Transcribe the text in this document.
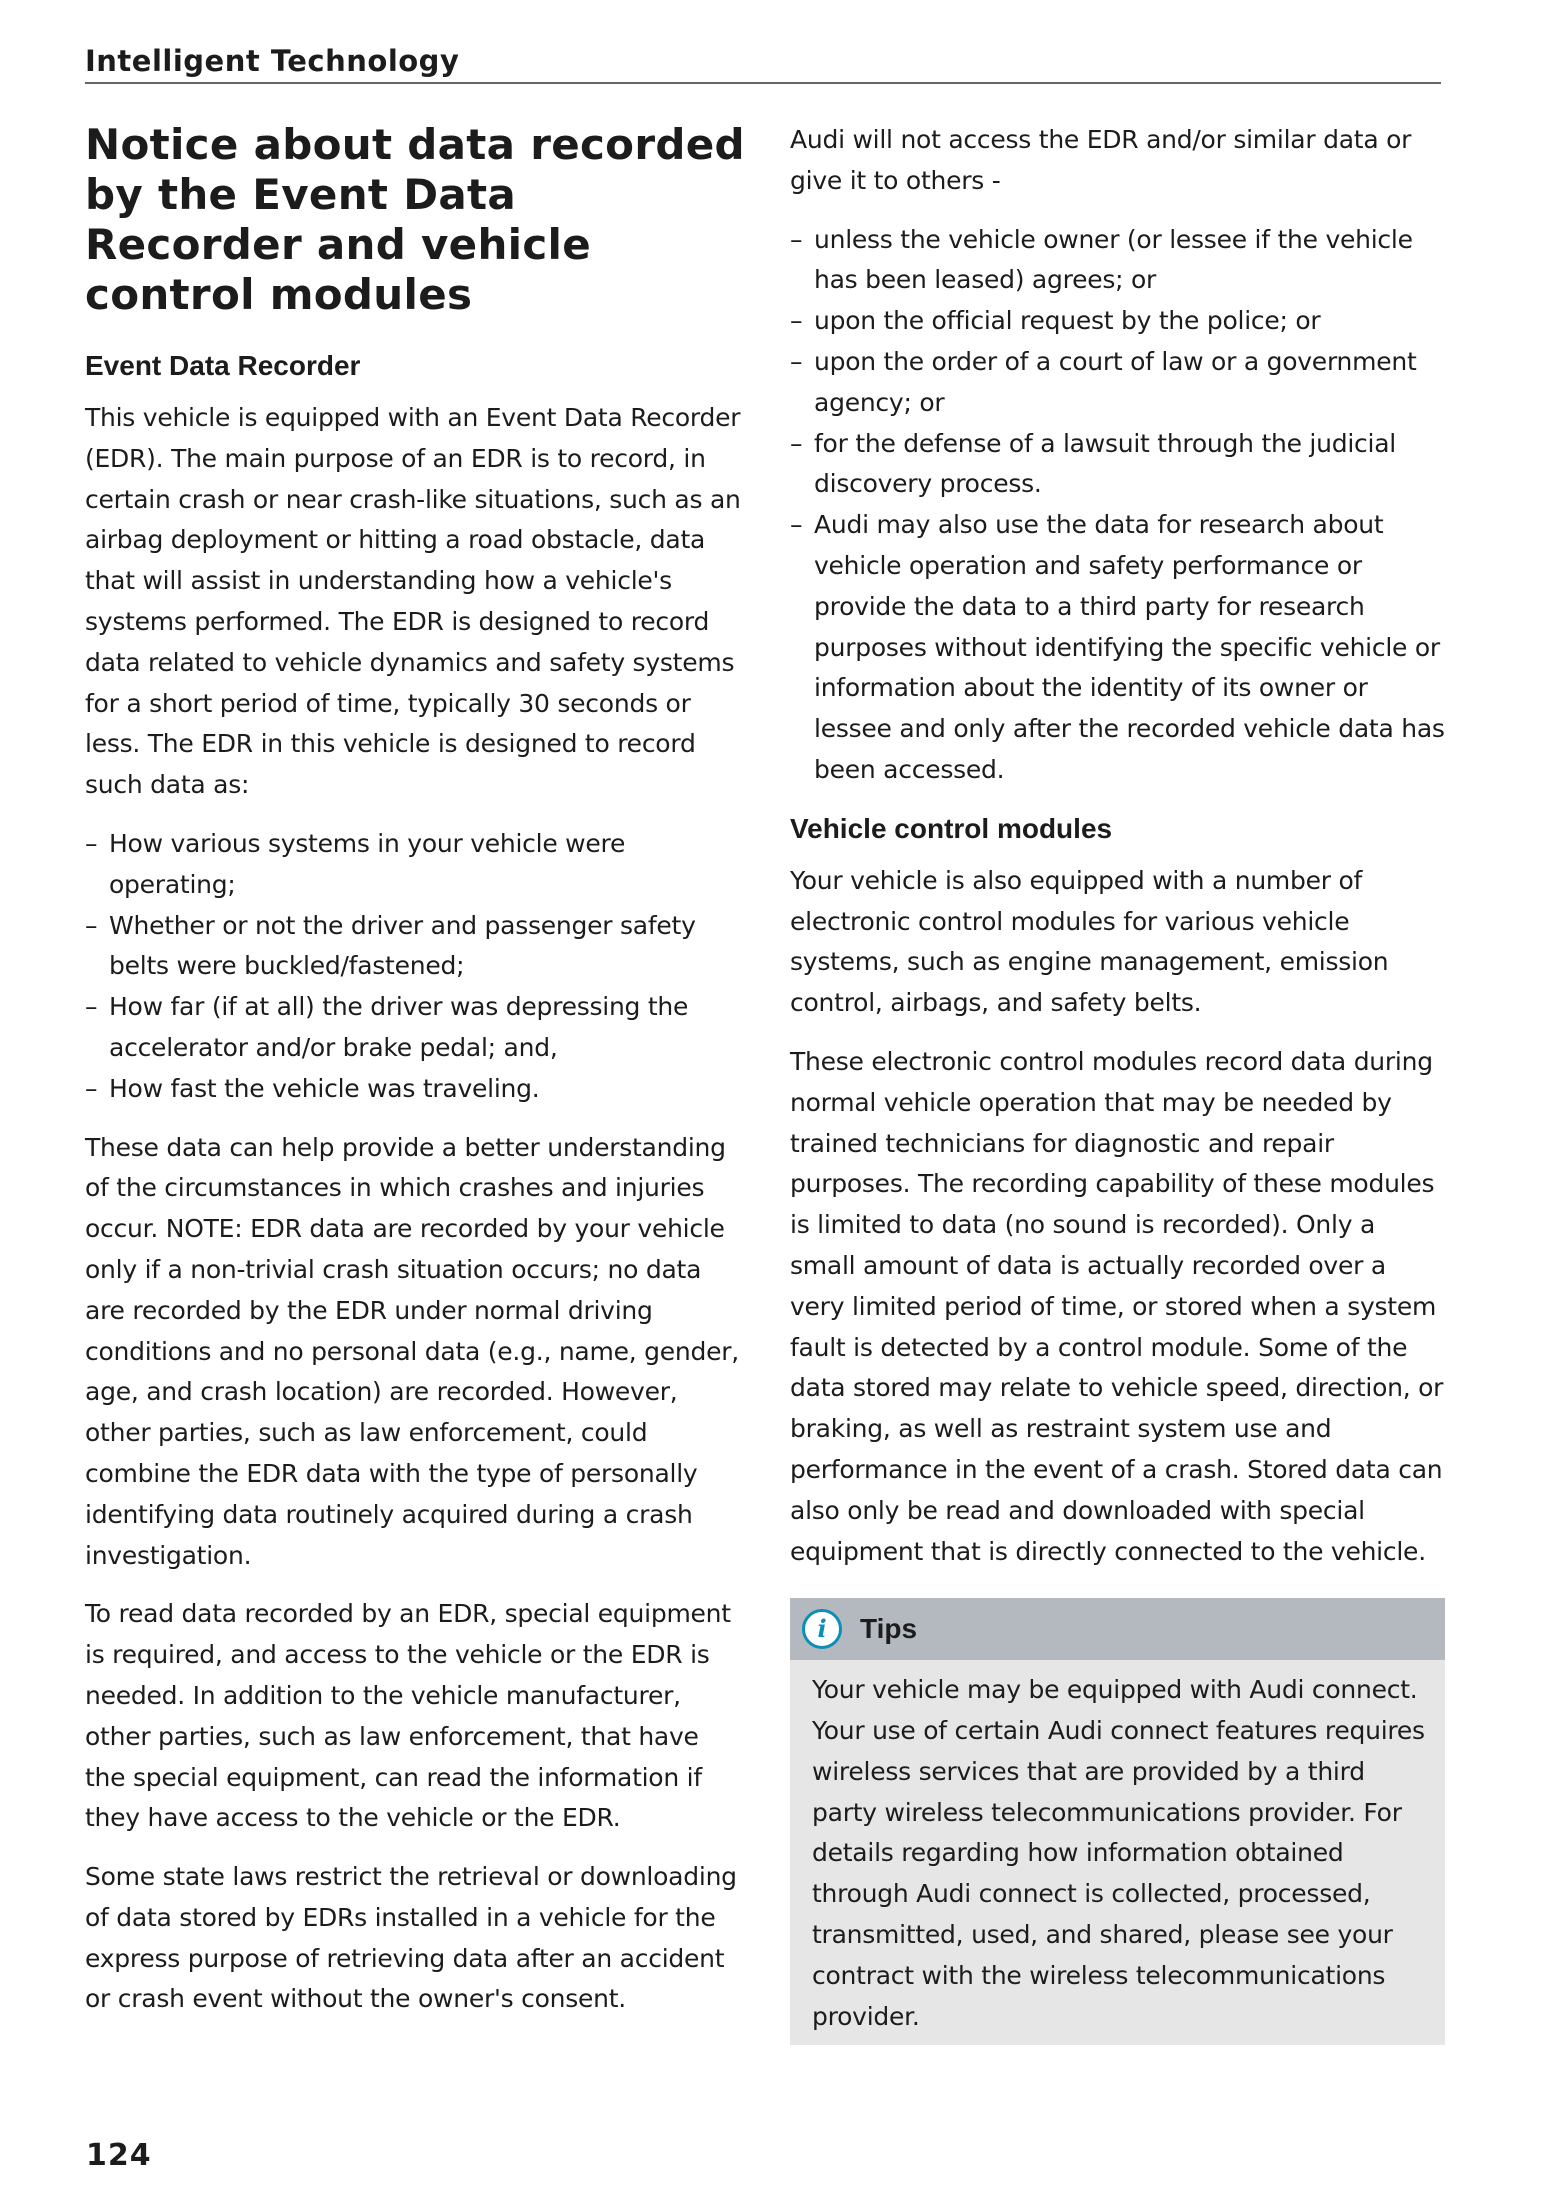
Intelligent Technology
Notice about data recorded by the Event Data Recorder and vehicle control modules
Event Data Recorder

This vehicle is equipped with an Event Data Recorder (EDR). The main purpose of an EDR is to record, in certain crash or near crash-like situations, such as an airbag deployment or hitting a road obstacle, data that will assist in understanding how a vehicle's systems performed. The EDR is designed to record data related to vehicle dynamics and safety systems for a short period of time, typically 30 seconds or less. The EDR in this vehicle is designed to record such data as:

– How various systems in your vehicle were operating;
– Whether or not the driver and passenger safety belts were buckled/fastened;
– How far (if at all) the driver was depressing the accelerator and/or brake pedal; and,
– How fast the vehicle was traveling.

These data can help provide a better understanding of the circumstances in which crashes and injuries occur. NOTE: EDR data are recorded by your vehicle only if a non-trivial crash situation occurs; no data are recorded by the EDR under normal driving conditions and no personal data (e.g., name, gender, age, and crash location) are recorded. However, other parties, such as law enforcement, could combine the EDR data with the type of personally identifying data routinely acquired during a crash investigation.

To read data recorded by an EDR, special equipment is required, and access to the vehicle or the EDR is needed. In addition to the vehicle manufacturer, other parties, such as law enforcement, that have the special equipment, can read the information if they have access to the vehicle or the EDR.

Some state laws restrict the retrieval or downloading of data stored by EDRs installed in a vehicle for the express purpose of retrieving data after an accident or crash event without the owner's consent.

Audi will not access the EDR and/or similar data or give it to others -

– unless the vehicle owner (or lessee if the vehicle has been leased) agrees; or
– upon the official request by the police; or
– upon the order of a court of law or a government agency; or
– for the defense of a lawsuit through the judicial discovery process.
– Audi may also use the data for research about vehicle operation and safety performance or provide the data to a third party for research purposes without identifying the specific vehicle or information about the identity of its owner or lessee and only after the recorded vehicle data has been accessed.
Vehicle control modules

Your vehicle is also equipped with a number of electronic control modules for various vehicle systems, such as engine management, emission control, airbags, and safety belts.

These electronic control modules record data during normal vehicle operation that may be needed by trained technicians for diagnostic and repair purposes. The recording capability of these modules is limited to data (no sound is recorded). Only a small amount of data is actually recorded over a very limited period of time, or stored when a system fault is detected by a control module. Some of the data stored may relate to vehicle speed, direction, or braking, as well as restraint system use and performance in the event of a crash. Stored data can also only be read and downloaded with special equipment that is directly connected to the vehicle.

i	Tips

Your vehicle may be equipped with Audi connect. Your use of certain Audi connect features requires wireless services that are provided by a third party wireless telecommunications provider. For details regarding how information obtained through Audi connect is collected, processed, transmitted, used, and shared, please see your contract with the wireless telecommunications provider.

124
